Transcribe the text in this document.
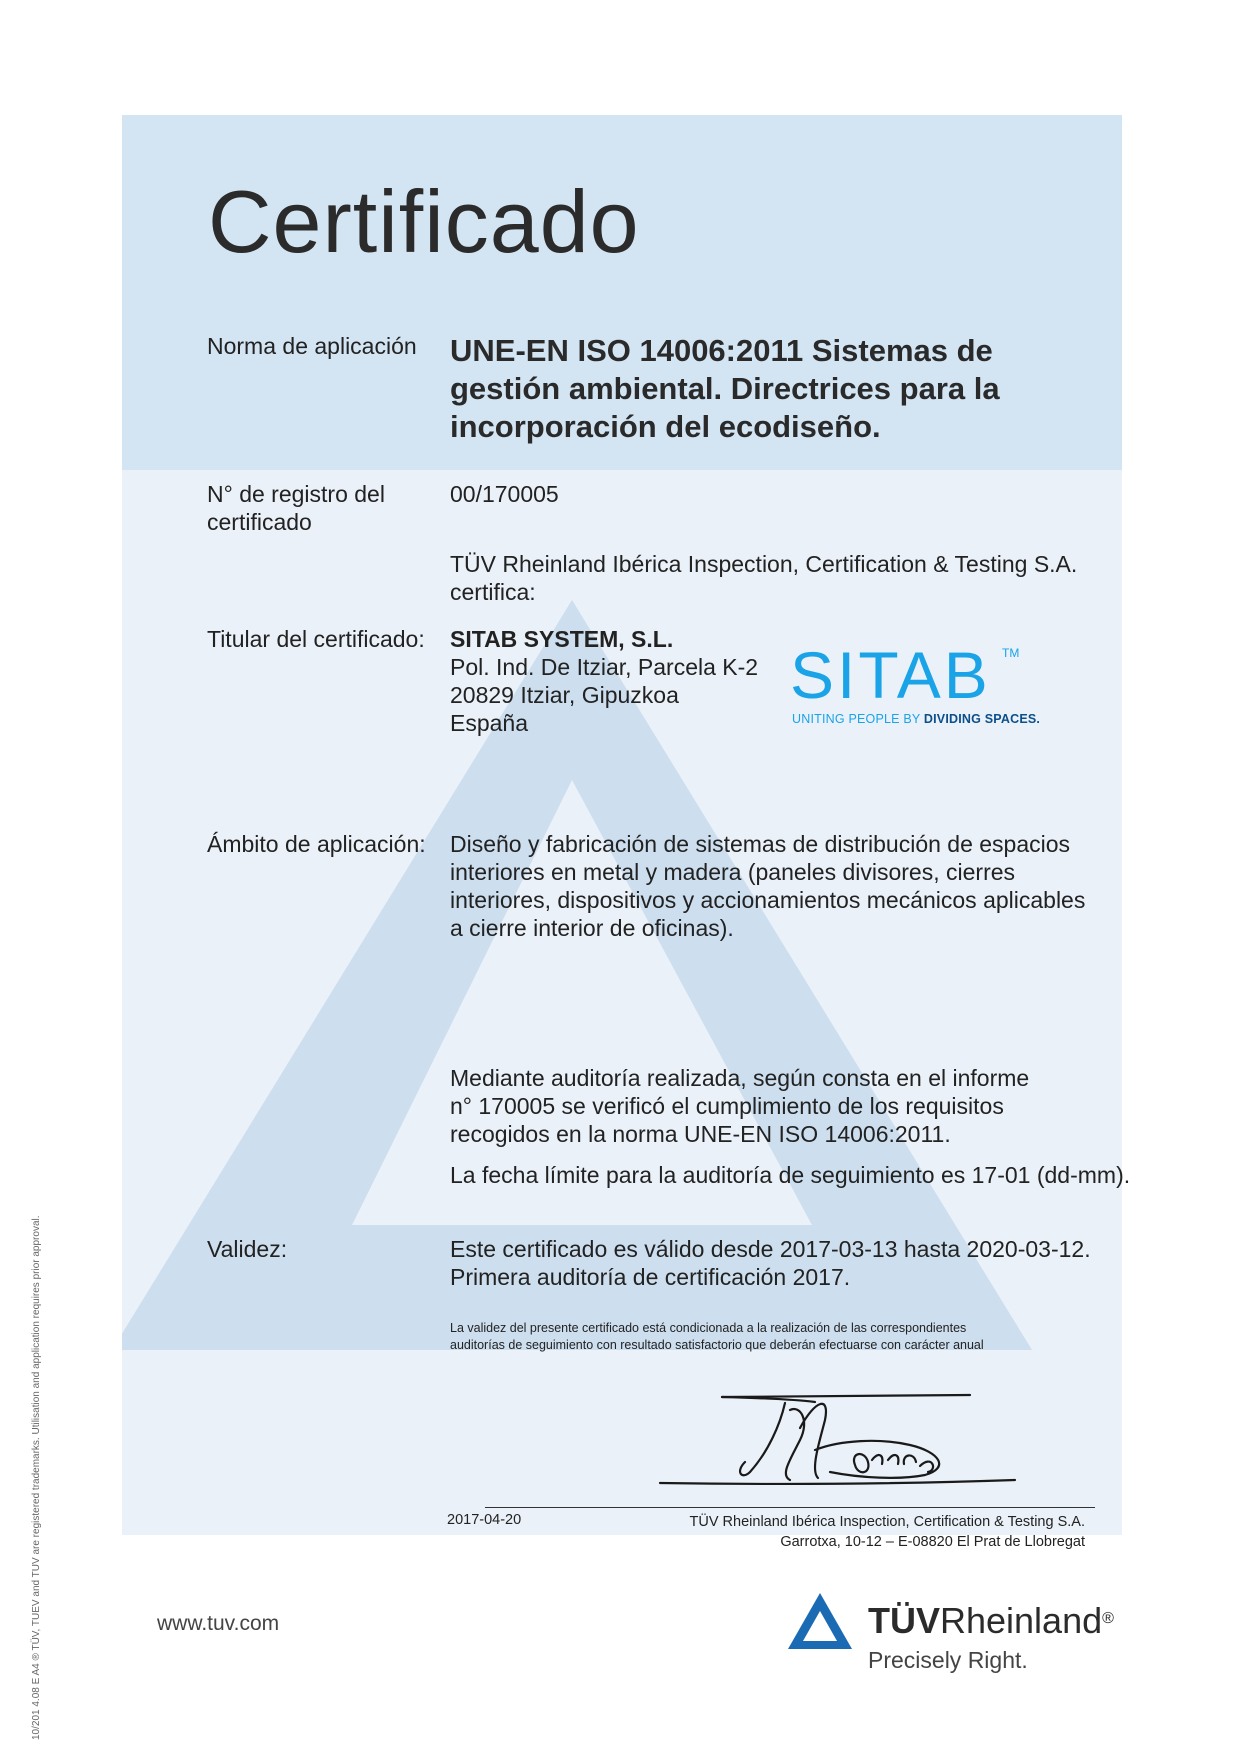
Certificado
Norma de aplicación UNE-EN ISO 14006:2011 Sistemas de gestión ambiental. Directrices para la incorporación del ecodiseño.
N° de registro del
certificado
00/170005
TÜV Rheinland Ibérica Inspection, Certification & Testing S.A.
certifica:
Titular del certificado: SITAB SYSTEM, S.L.
Pol. Ind. De Itziar, Parcela K-2
20829 Itziar, Gipuzkoa
España
SITAB TM
UNITING PEOPLE BY DIVIDING SPACES.
Ámbito de aplicación: Diseño y fabricación de sistemas de distribución de espacios
interiores en metal y madera (paneles divisores, cierres
interiores, dispositivos y accionamientos mecánicos aplicables
a cierre interior de oficinas).
Mediante auditoría realizada, según consta en el informe
n° 170005 se verificó el cumplimiento de los requisitos
recogidos en la norma UNE-EN ISO 14006:2011.
La fecha límite para la auditoría de seguimiento es 17-01 (dd-mm).
Validez:	Este certificado es válido desde 2017-03-13 hasta 2020-03-12.
Primera auditoría de certificación 2017.
La validez del presente certificado está condicionada a la realización de las correspondientes
auditorías de seguimiento con resultado satisfactorio que deberán efectuarse con carácter anual
2017-04-20	TÜV Rheinland Ibérica Inspection, Certification & Testing S.A.
Garrotxa, 10-12 – E-08820 El Prat de Llobregat
www.tuv.com	TÜVRheinland®
Precisely Right.
10/201 4.08 E A4 ® TÜV, TUEV and TUV are registered trademarks. Utilisation and application requires prior approval.
